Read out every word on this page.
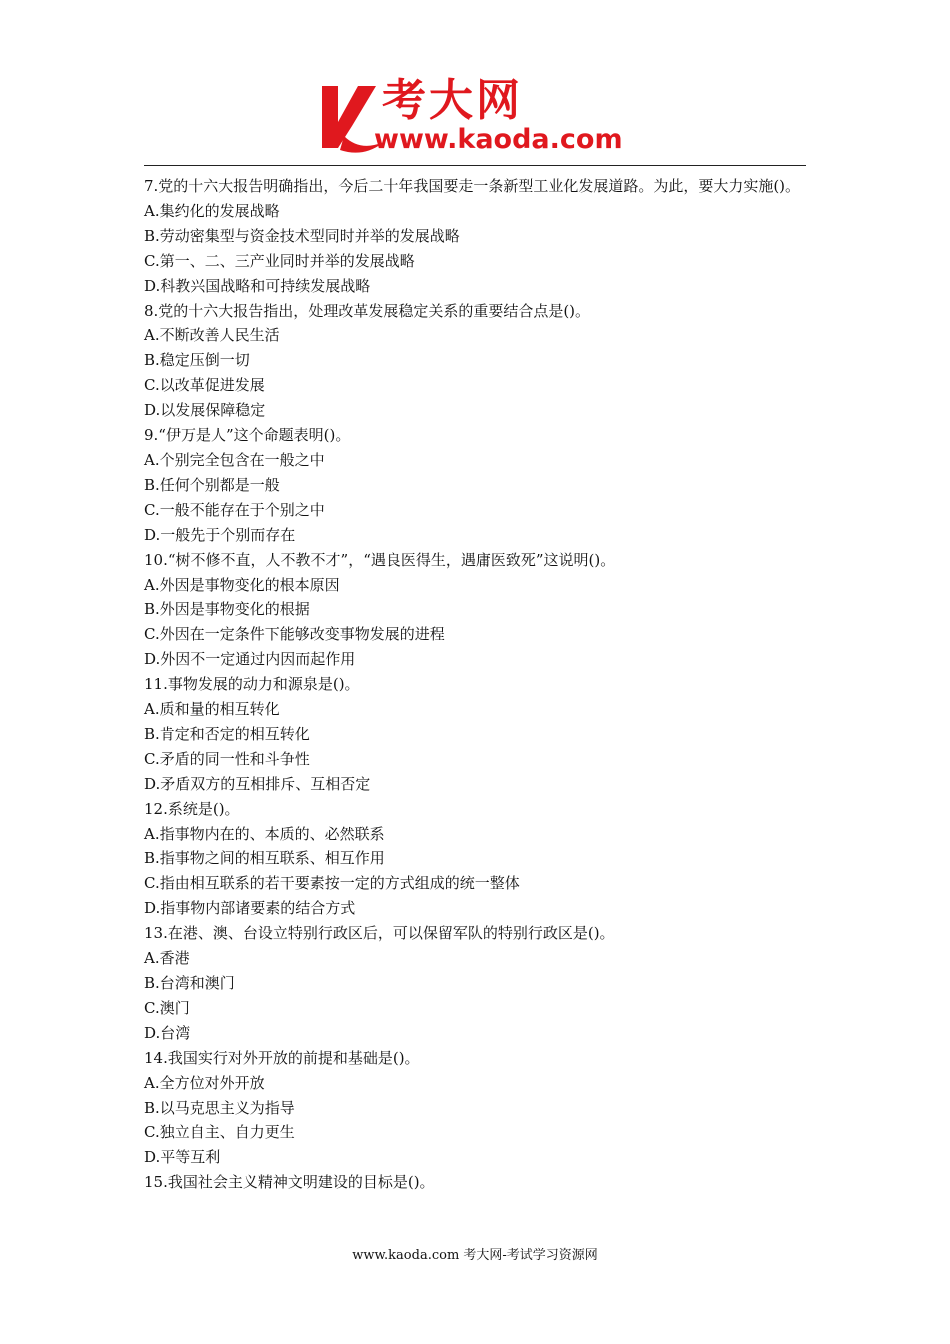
考大网
www.kaoda.com
7.党的十六大报告明确指出，今后二十年我国要走一条新型工业化发展道路。为此，要大力实施()。
A.集约化的发展战略
B.劳动密集型与资金技术型同时并举的发展战略
C.第一、二、三产业同时并举的发展战略
D.科教兴国战略和可持续发展战略
8.党的十六大报告指出，处理改革发展稳定关系的重要结合点是()。
A.不断改善人民生活
B.稳定压倒一切
C.以改革促进发展
D.以发展保障稳定
9.“伊万是人”这个命题表明()。
A.个别完全包含在一般之中
B.任何个别都是一般
C.一般不能存在于个别之中
D.一般先于个别而存在
10.“树不修不直，人不教不才”，“遇良医得生，遇庸医致死”这说明()。
A.外因是事物变化的根本原因
B.外因是事物变化的根据
C.外因在一定条件下能够改变事物发展的进程
D.外因不一定通过内因而起作用
11.事物发展的动力和源泉是()。
A.质和量的相互转化
B.肯定和否定的相互转化
C.矛盾的同一性和斗争性
D.矛盾双方的互相排斥、互相否定
12.系统是()。
A.指事物内在的、本质的、必然联系
B.指事物之间的相互联系、相互作用
C.指由相互联系的若干要素按一定的方式组成的统一整体
D.指事物内部诸要素的结合方式
13.在港、澳、台设立特别行政区后，可以保留军队的特别行政区是()。
A.香港
B.台湾和澳门
C.澳门
D.台湾
14.我国实行对外开放的前提和基础是()。
A.全方位对外开放
B.以马克思主义为指导
C.独立自主、自力更生
D.平等互利
15.我国社会主义精神文明建设的目标是()。
www.kaoda.com 考大网-考试学习资源网
